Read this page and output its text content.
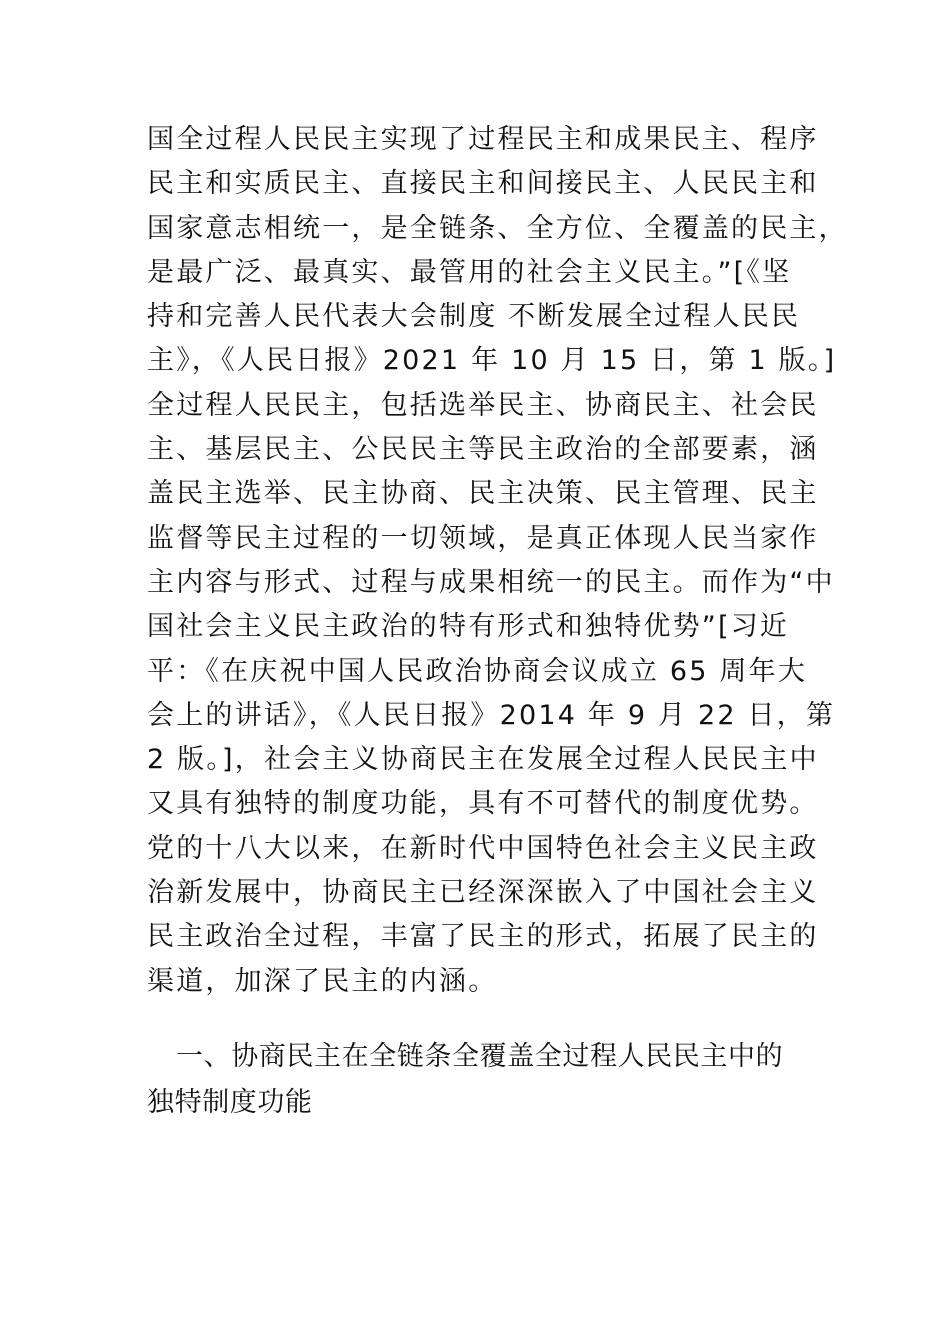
国全过程人民民主实现了过程民主和成果民主、程序
民主和实质民主、直接民主和间接民主、人民民主和
国家意志相统一，是全链条、全方位、全覆盖的民主，
是最广泛、最真实、最管用的社会主义民主。”[《坚
持和完善人民代表大会制度 不断发展全过程人民民
主》，《人民日报》2021 年 10 月 15 日，第 1 版。]
全过程人民民主，包括选举民主、协商民主、社会民
主、基层民主、公民民主等民主政治的全部要素，涵
盖民主选举、民主协商、民主决策、民主管理、民主
监督等民主过程的一切领域，是真正体现人民当家作
主内容与形式、过程与成果相统一的民主。而作为“中
国社会主义民主政治的特有形式和独特优势”[习近
平：《在庆祝中国人民政治协商会议成立 65 周年大
会上的讲话》，《人民日报》2014 年 9 月 22 日，第
2 版。]，社会主义协商民主在发展全过程人民民主中
又具有独特的制度功能，具有不可替代的制度优势。
党的十八大以来，在新时代中国特色社会主义民主政
治新发展中，协商民主已经深深嵌入了中国社会主义
民主政治全过程，丰富了民主的形式，拓展了民主的
渠道，加深了民主的内涵。
一、协商民主在全链条全覆盖全过程人民民主中的
独特制度功能
